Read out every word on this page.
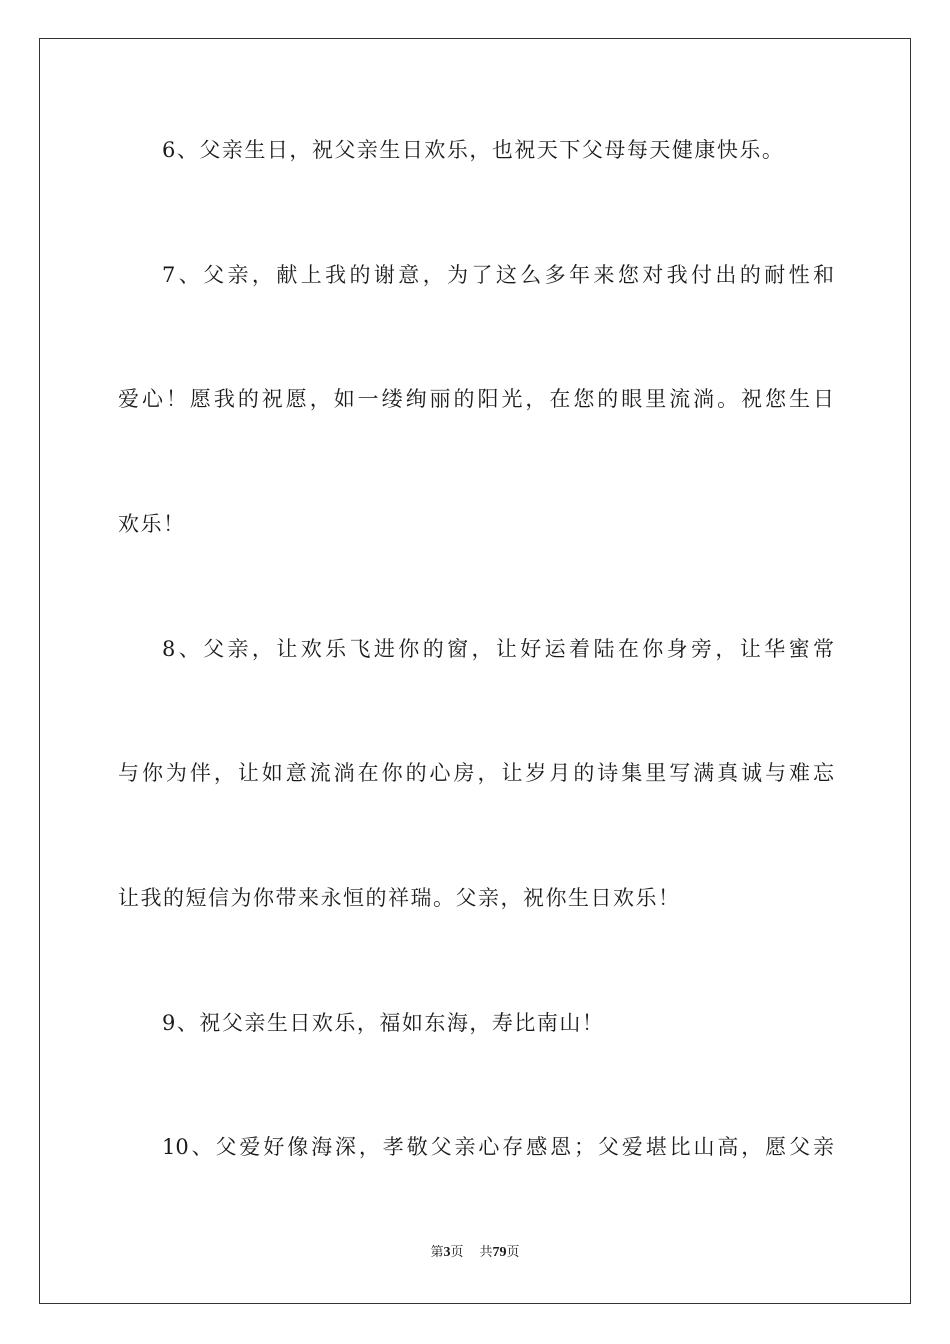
6、父亲生日，祝父亲生日欢乐，也祝天下父母每天健康快乐。
7、父亲，献上我的谢意，为了这么多年来您对我付出的耐性和
爱心！愿我的祝愿，如一缕绚丽的阳光，在您的眼里流淌。祝您生日
欢乐！
8、父亲，让欢乐飞进你的窗，让好运着陆在你身旁，让华蜜常
与你为伴，让如意流淌在你的心房，让岁月的诗集里写满真诚与难忘
让我的短信为你带来永恒的祥瑞。父亲，祝你生日欢乐！
9、祝父亲生日欢乐，福如东海，寿比南山！
10、父爱好像海深，孝敬父亲心存感恩；父爱堪比山高，愿父亲
第3页 共79页
